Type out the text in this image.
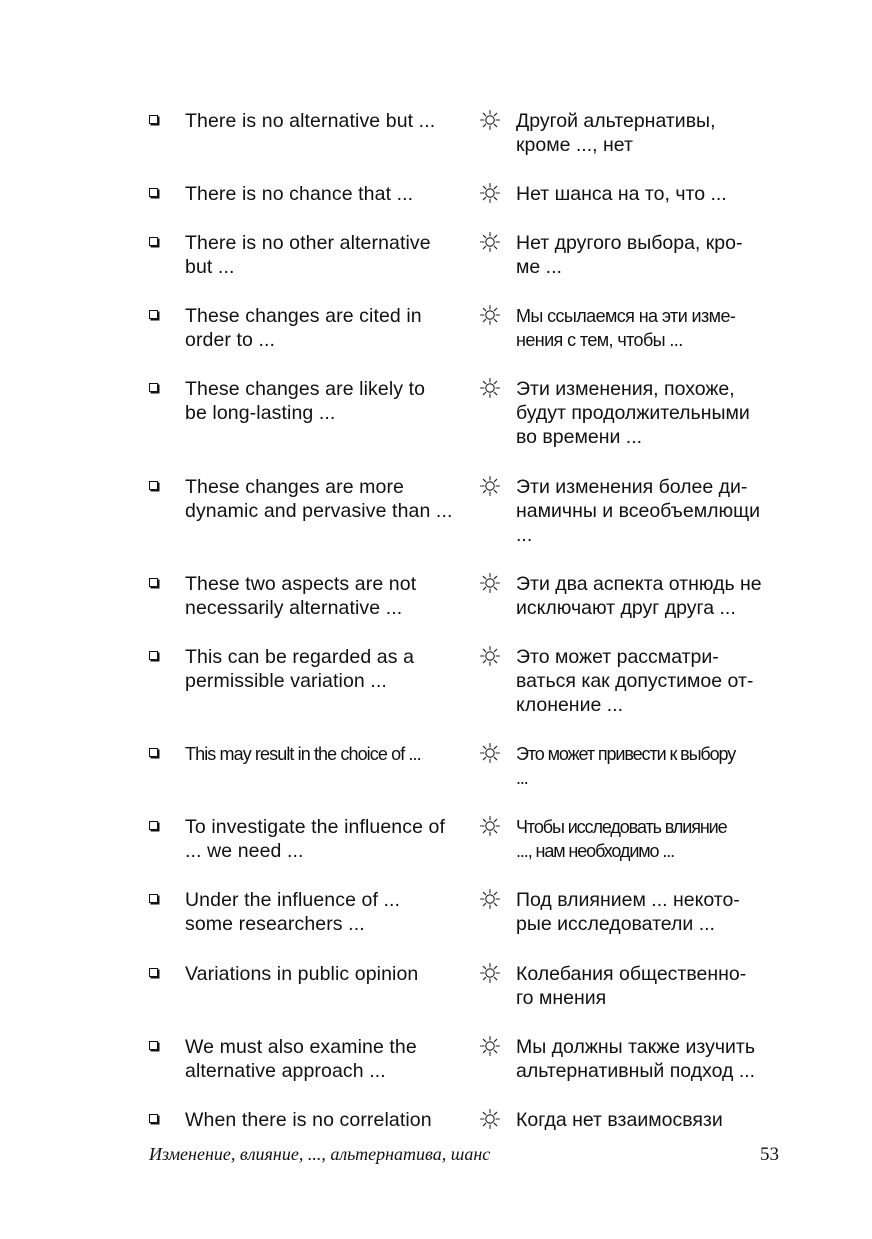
There is no alternative but ...	Другой альтернативы,
кроме ..., нет
There is no chance that ...	Нет шанса на то, что ...
There is no other alternative
but ...
Нет другого выбора, кро-
ме ...
These changes are cited in
order to ...
Мы ссылаемся на эти изме-
нения с тем, чтобы ...
These changes are likely to
be long-lasting ...
Эти изменения, похоже,
будут продолжительными
во времени ...
These changes are more
dynamic and pervasive than ...
Эти изменения более ди-
намичны и всеобъемлющи
...
These two aspects are not
necessarily alternative ...
Эти два аспекта отнюдь не
исключают друг друга ...
This can be regarded as a
permissible variation ...
Это может рассматри-
ваться как допустимое от-
клонение ...
This may result in the choice of ...	Это может привести к выбору
...
To investigate the influence of
... we need ...
Чтобы исследовать влияние
..., нам необходимо ...
Under the influence of ...
some researchers ...
Под влиянием ... некото-
рые исследователи ...
Variations in public opinion	Колебания общественно-
го мнения
We must also examine the
alternative approach ...
Мы должны также изучить
альтернативный подход ...
When there is no correlation	Когда нет взаимосвязи
Изменение, влияние, ..., альтернатива, шанс	53
